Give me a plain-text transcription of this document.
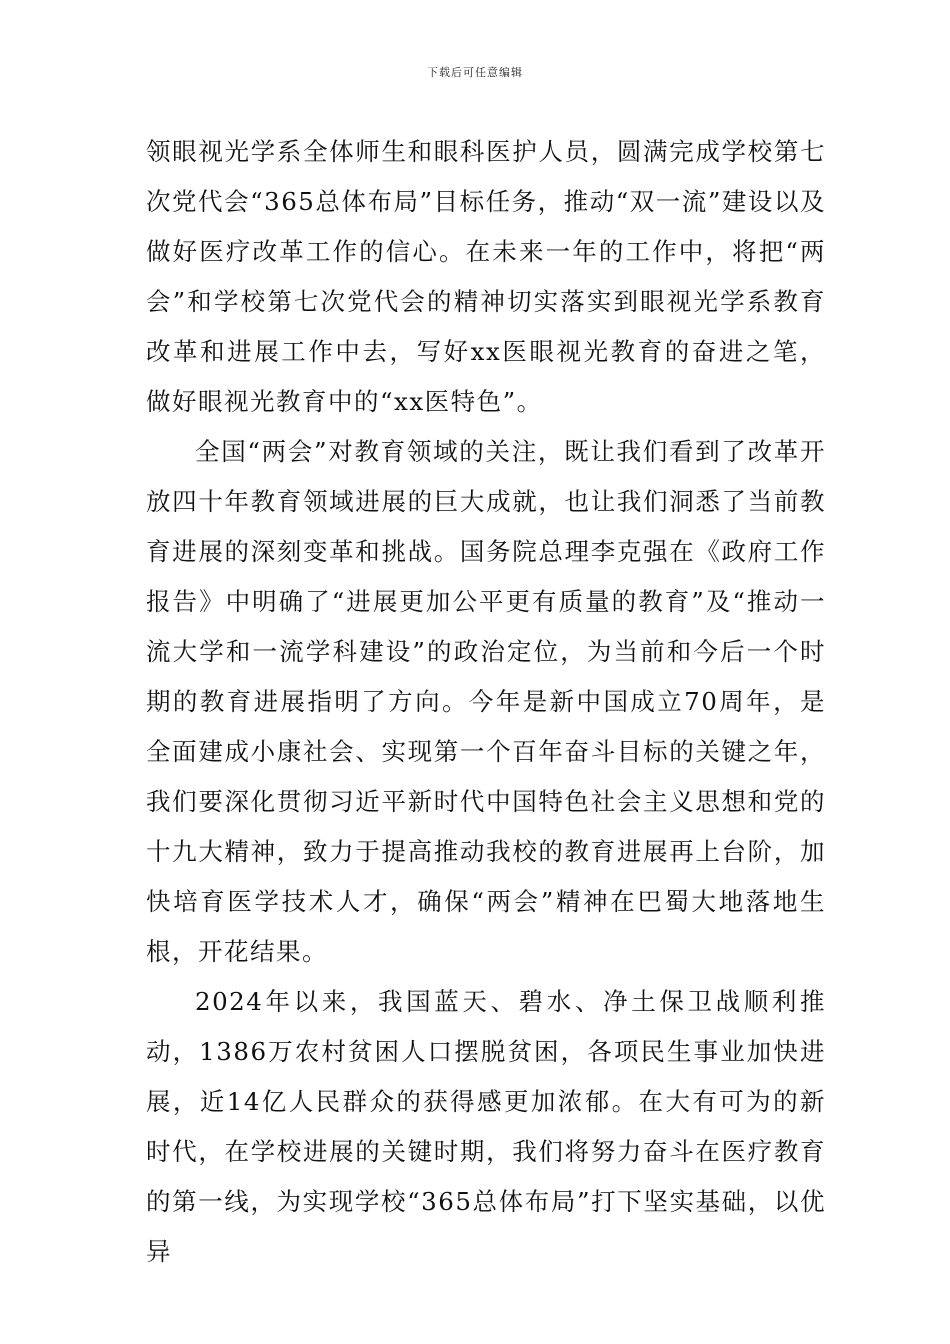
下载后可任意编辑

领眼视光学系全体师生和眼科医护人员，圆满完成学校第七次党代会“365总体布局”目标任务，推动“双一流”建设以及做好医疗改革工作的信心。在未来一年的工作中，将把“两会”和学校第七次党代会的精神切实落实到眼视光学系教育改革和进展工作中去，写好xx医眼视光教育的奋进之笔，做好眼视光教育中的“xx医特色”。

全国“两会”对教育领域的关注，既让我们看到了改革开放四十年教育领域进展的巨大成就，也让我们洞悉了当前教育进展的深刻变革和挑战。国务院总理李克强在《政府工作报告》中明确了“进展更加公平更有质量的教育”及“推动一流大学和一流学科建设”的政治定位，为当前和今后一个时期的教育进展指明了方向。今年是新中国成立70周年，是全面建成小康社会、实现第一个百年奋斗目标的关键之年，我们要深化贯彻习近平新时代中国特色社会主义思想和党的十九大精神，致力于提高推动我校的教育进展再上台阶，加快培育医学技术人才，确保“两会”精神在巴蜀大地落地生根，开花结果。

2024年以来，我国蓝天、碧水、净土保卫战顺利推动，1386万农村贫困人口摆脱贫困，各项民生事业加快进展，近14亿人民群众的获得感更加浓郁。在大有可为的新时代，在学校进展的关键时期，我们将努力奋斗在医疗教育的第一线，为实现学校“365总体布局”打下坚实基础，以优异
